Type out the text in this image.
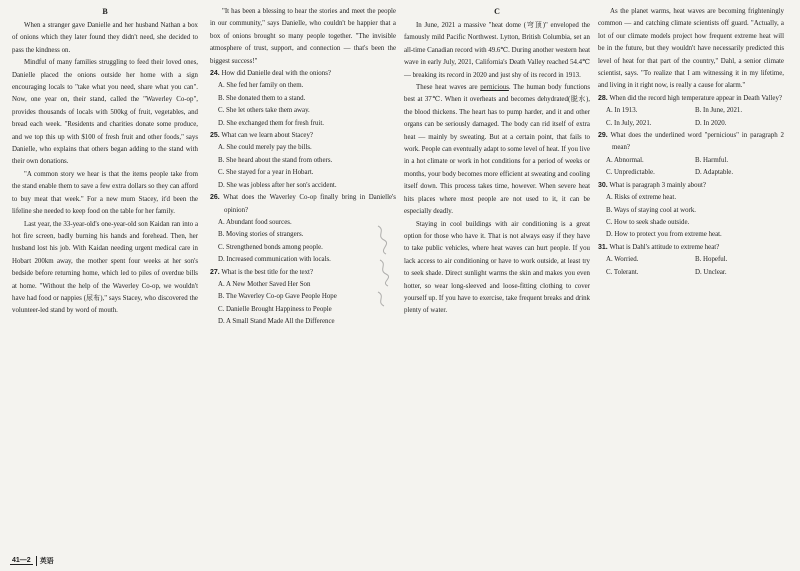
B

When a stranger gave Danielle and her husband Nathan a box of onions which they later found they didn't need, she decided to pass the kindness on.

Mindful of many families struggling to feed their loved ones, Danielle placed the onions outside her home with a sign encouraging locals to "take what you need, share what you can". Now, one year on, their stand, called the "Waverley Co-op", provides thousands of locals with 500kg of fruit, vegetables, and bread each week. "Residents and charities donate some produce, and we top this up with $100 of fresh fruit and other foods," says Danielle, who explains that others began adding to the stand with their own donations.

"A common story we hear is that the items people take from the stand enable them to save a few extra dollars so they can afford to buy meat that week." For a new mum Stacey, it'd been the lifeline she needed to keep food on the table for her family.

Last year, the 33-year-old's one-year-old son Kaidan ran into a hot fire screen, badly burning his hands and forehead. Then, her husband lost his job. With Kaidan needing urgent medical care in Hobart 200km away, the mother spent four weeks at her son's bedside before returning home, which led to piles of overdue bills at home. "Without the help of the Waverley Co-op, we wouldn't have had food or nappies (尿布)," says Stacey, who discovered the volunteer-led stand by word of mouth.

"It has been a blessing to hear the stories and meet the people in our community," says Danielle, who couldn't be happier that a box of onions brought so many people together. "The invisible atmosphere of trust, support, and connection — that's been the biggest success!"

24. How did Danielle deal with the onions?

A. She fed her family on them.

B. She donated them to a stand.

C. She let others take them away.

D. She exchanged them for fresh fruit.

25. What can we learn about Stacey?

A. She could merely pay the bills.

B. She heard about the stand from others.

C. She stayed for a year in Hobart.

D. She was jobless after her son's accident.

26. What does the Waverley Co-op finally bring in Danielle's opinion?

A. Abundant food sources.

B. Moving stories of strangers.

C. Strengthened bonds among people.

D. Increased communication with locals.

27. What is the best title for the text?

A. A New Mother Saved Her Son

B. The Waverley Co-op Gave People Hope

C. Danielle Brought Happiness to People

D. A Small Stand Made All the Difference

C

In June, 2021 a massive "heat dome (穹顶)" enveloped the famously mild Pacific Northwest. Lytton, British Columbia, set an all-time Canadian record with 49.6℃. During another western heat wave in early July, 2021, California's Death Valley reached 54.4℃ — breaking its record in 2020 and just shy of its record in 1913.

These heat waves are pernicious. The human body functions best at 37℃. When it overheats and becomes dehydrated(脱水), the blood thickens. The heart has to pump harder, and it and other organs can be seriously damaged. The body can rid itself of extra heat — mainly by sweating. But at a certain point, that fails to work. People can eventually adapt to some level of heat. If you live in a hot climate or work in hot conditions for a period of weeks or months, your body becomes more efficient at sweating and cooling itself down. This process takes time, however. When severe heat hits places where most people are not used to it, it can be especially deadly.

Staying in cool buildings with air conditioning is a great option for those who have it. That is not always easy if they have to take public vehicles, where heat waves can hurt people. If you lack access to air conditioning or have to work outside, at least try to seek shade. Direct sunlight warms the skin and makes you even hotter, so wear long-sleeved and loose-fitting clothing to cover yourself up. If you have to exercise, take frequent breaks and drink plenty of water.

As the planet warms, heat waves are becoming frighteningly common — and catching climate scientists off guard. "Actually, a lot of our climate models project how frequent extreme heat will be in the future, but they wouldn't have necessarily predicted this level of heat for that part of the country," Dahl, a senior climate scientist, says. "To realize that I am witnessing it in my lifetime, and living in it right now, is really a cause for alarm."

28. When did the record high temperature appear in Death Valley?

A. In 1913.	B. In June, 2021.
C. In July, 2021.	D. In 2020.

29. What does the underlined word "pernicious" in paragraph 2 mean?

A. Abnormal.	B. Harmful.
C. Unpredictable.	D. Adaptable.

30. What is paragraph 3 mainly about?

A. Risks of extreme heat.

B. Ways of staying cool at work.

C. How to seek shade outside.

D. How to protect you from extreme heat.

31. What is Dahl's attitude to extreme heat?

A. Worried.	B. Hopeful.
C. Tolerant.	D. Unclear.
41—2	英语
